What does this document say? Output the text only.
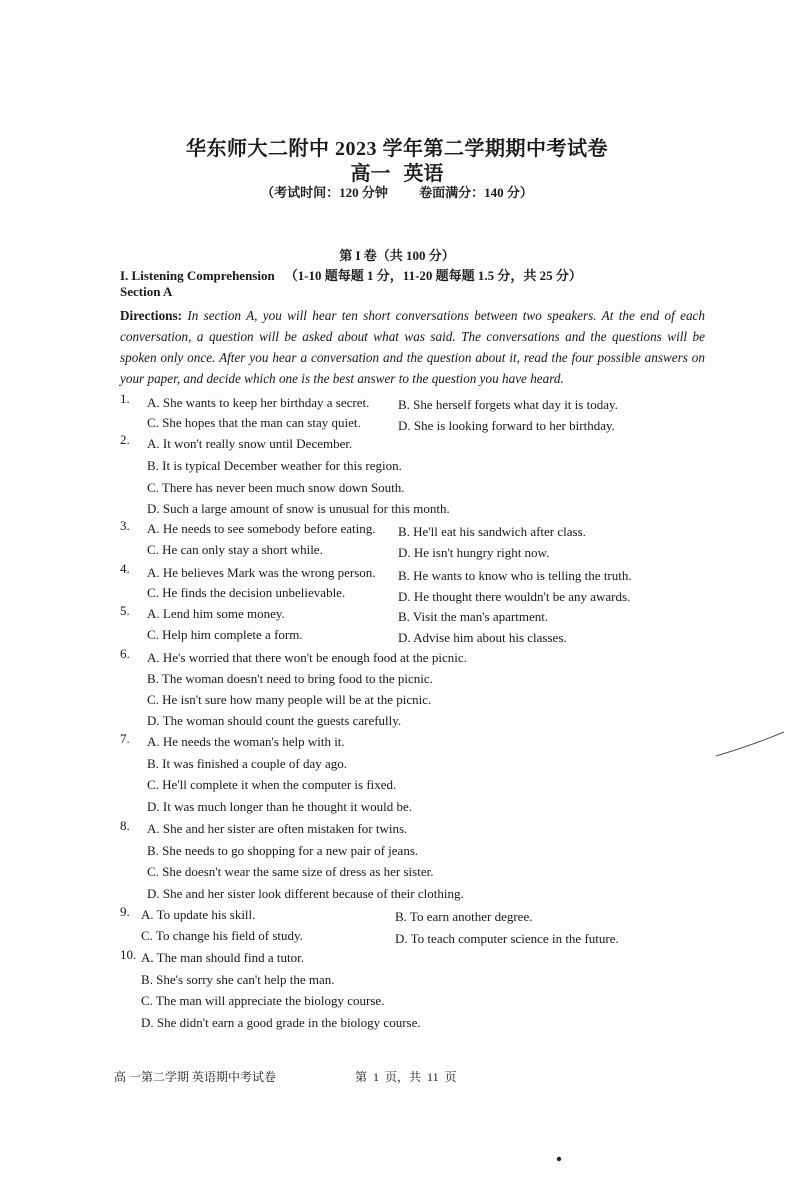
华东师大二附中 2023 学年第二学期期中考试卷
高一 英语
（考试时间：120 分钟 卷面满分：140 分）
第 I 卷（共 100 分）
I. Listening Comprehension （1-10 题每题 1 分，11-20 题每题 1.5 分，共 25 分）
Section A
Directions: In section A, you will hear ten short conversations between two speakers. At the end of each conversation, a question will be asked about what was said. The conversations and the questions will be spoken only once. After you hear a conversation and the question about it, read the four possible answers on your paper, and decide which one is the best answer to the question you have heard.
1. A. She wants to keep her birthday a secret. B. She herself forgets what day it is today.
C. She hopes that the man can stay quiet.	D. She is looking forward to her birthday.
2. A. It won't really snow until December.
B. It is typical December weather for this region.
C. There has never been much snow down South.
D. Such a large amount of snow is unusual for this month.
3. A. He needs to see somebody before eating. B. He'll eat his sandwich after class.
C. He can only stay a short while.	D. He isn't hungry right now.
4. A. He believes Mark was the wrong person. B. He wants to know who is telling the truth.
C. He finds the decision unbelievable.	D. He thought there wouldn't be any awards.
5. A. Lend him some money.	B. Visit the man's apartment.
C. Help him complete a form.	D. Advise him about his classes.
6. A. He's worried that there won't be enough food at the picnic.
B. The woman doesn't need to bring food to the picnic.
C. He isn't sure how many people will be at the picnic.
D. The woman should count the guests carefully.
7. A. He needs the woman's help with it.
B. It was finished a couple of day ago.
C. He'll complete it when the computer is fixed.
D. It was much longer than he thought it would be.
8. A. She and her sister are often mistaken for twins.
B. She needs to go shopping for a new pair of jeans.
C. She doesn't wear the same size of dress as her sister.
D. She and her sister look different because of their clothing.
9. A. To update his skill.	B. To earn another degree.
C. To change his field of study.	D. To teach computer science in the future.
10. A. The man should find a tutor.
B. She's sorry she can't help the man.
C. The man will appreciate the biology course.
D. She didn't earn a good grade in the biology course.
高 一第二学期 英语期中考试卷	第 1 页，共 11 页
